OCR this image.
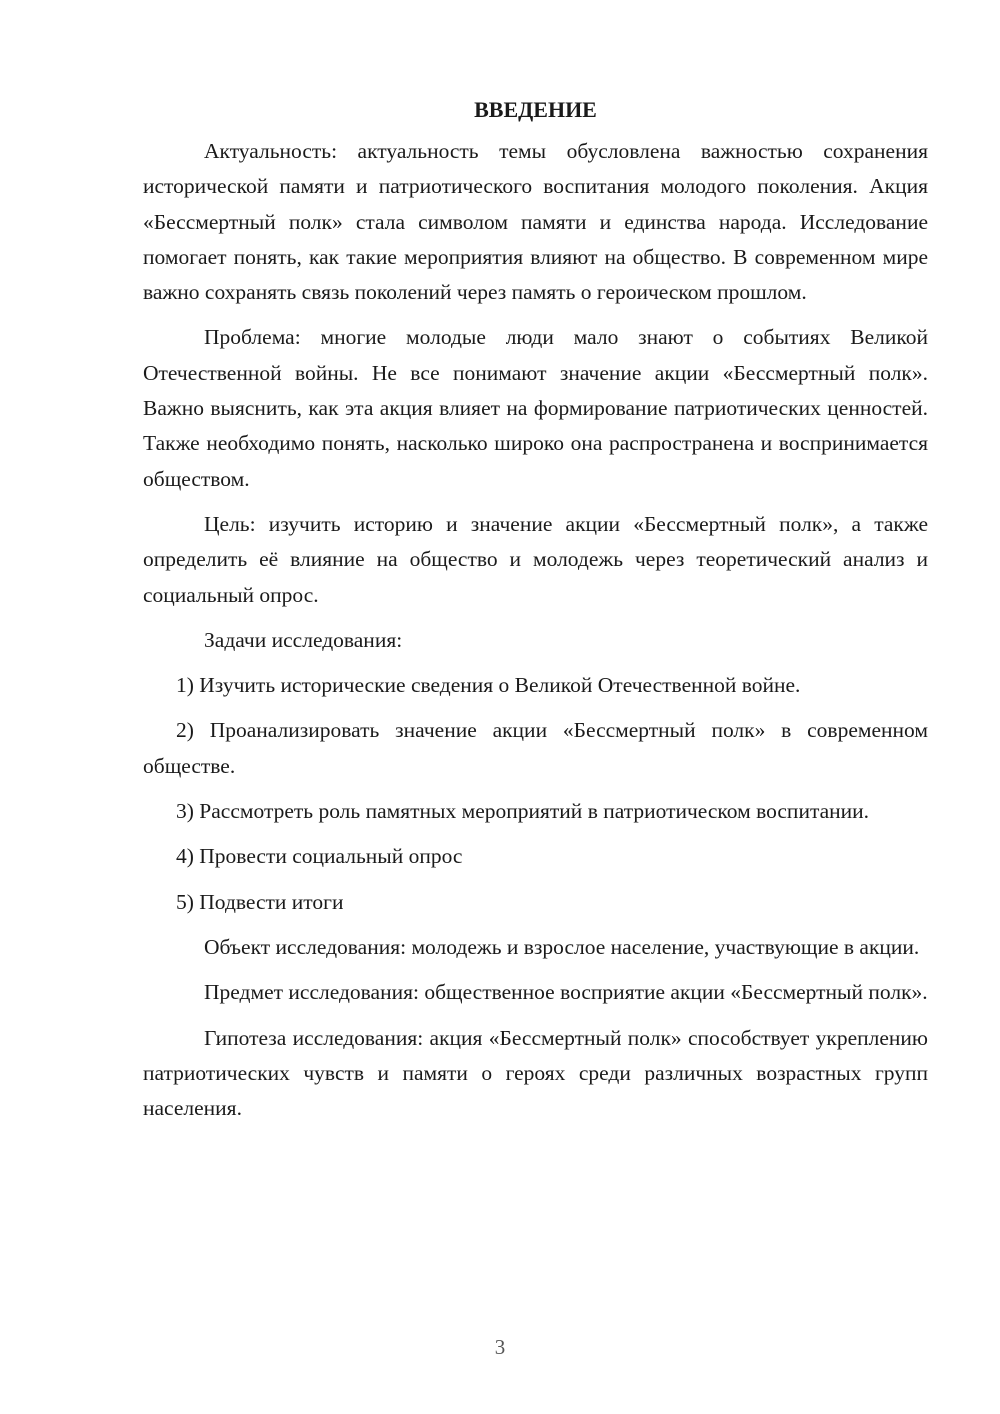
ВВЕДЕНИЕ

Актуальность: актуальность темы обусловлена важностью сохранения исторической памяти и патриотического воспитания молодого поколения. Акция «Бессмертный полк» стала символом памяти и единства народа. Исследование помогает понять, как такие мероприятия влияют на общество. В современном мире важно сохранять связь поколений через память о героическом прошлом.

Проблема: многие молодые люди мало знают о событиях Великой Отечественной войны. Не все понимают значение акции «Бессмертный полк». Важно выяснить, как эта акция влияет на формирование патриотических ценностей. Также необходимо понять, насколько широко она распространена и воспринимается обществом.

Цель: изучить историю и значение акции «Бессмертный полк», а также определить её влияние на общество и молодежь через теоретический анализ и социальный опрос.

Задачи исследования:

1) Изучить исторические сведения о Великой Отечественной войне.

2) Проанализировать значение акции «Бессмертный полк» в современном обществе.

3) Рассмотреть роль памятных мероприятий в патриотическом воспитании.

4) Провести социальный опрос

5) Подвести итоги

Объект исследования: молодежь и взрослое население, участвующие в акции.

Предмет исследования: общественное восприятие акции «Бессмертный полк».

Гипотеза исследования: акция «Бессмертный полк» способствует укреплению патриотических чувств и памяти о героях среди различных возрастных групп населения.

3
